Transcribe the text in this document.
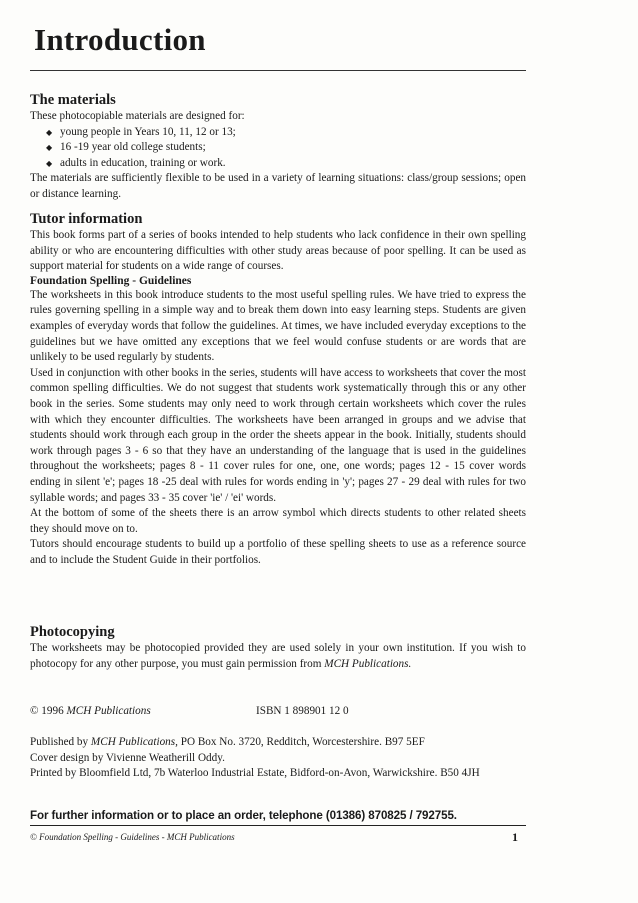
Introduction
The materials

These photocopiable materials are designed for:

◆ young people in Years 10, 11, 12 or 13;
◆ 16 -19 year old college students;
◆ adults in education, training or work.

The materials are sufficiently flexible to be used in a variety of learning situations: class/group sessions; open or distance learning.

Tutor information

This book forms part of a series of books intended to help students who lack confidence in their own spelling ability or who are encountering difficulties with other study areas because of poor spelling. It can be used as support material for students on a wide range of courses.

Foundation Spelling - Guidelines

The worksheets in this book introduce students to the most useful spelling rules. We have tried to express the rules governing spelling in a simple way and to break them down into easy learning steps. Students are given examples of everyday words that follow the guidelines. At times, we have included everyday exceptions to the guidelines but we have omitted any exceptions that we feel would confuse students or are words that are unlikely to be used regularly by students.

Used in conjunction with other books in the series, students will have access to worksheets that cover the most common spelling difficulties. We do not suggest that students work systematically through this or any other book in the series. Some students may only need to work through certain worksheets which cover the rules with which they encounter difficulties. The worksheets have been arranged in groups and we advise that students should work through each group in the order the sheets appear in the book. Initially, students should work through pages 3 - 6 so that they have an understanding of the language that is used in the guidelines throughout the worksheets; pages 8 - 11 cover rules for one, one, one words; pages 12 - 15 cover words ending in silent 'e'; pages 18 -25 deal with rules for words ending in 'y'; pages 27 - 29 deal with rules for two syllable words; and pages 33 - 35 cover 'ie' / 'ei' words.

At the bottom of some of the sheets there is an arrow symbol which directs students to other related sheets they should move on to.

Tutors should encourage students to build up a portfolio of these spelling sheets to use as a reference source and to include the Student Guide in their portfolios.

Photocopying

The worksheets may be photocopied provided they are used solely in your own institution. If you wish to photocopy for any other purpose, you must gain permission from MCH Publications.

© 1996 MCH Publications	ISBN 1 898901 12 0

Published by MCH Publications, PO Box No. 3720, Redditch, Worcestershire. B97 5EF

Cover design by Vivienne Weatherill Oddy.

Printed by Bloomfield Ltd, 7b Waterloo Industrial Estate, Bidford-on-Avon, Warwickshire. B50 4JH

For further information or to place an order, telephone (01386) 870825 / 792755.
© Foundation Spelling - Guidelines - MCH Publications	1
